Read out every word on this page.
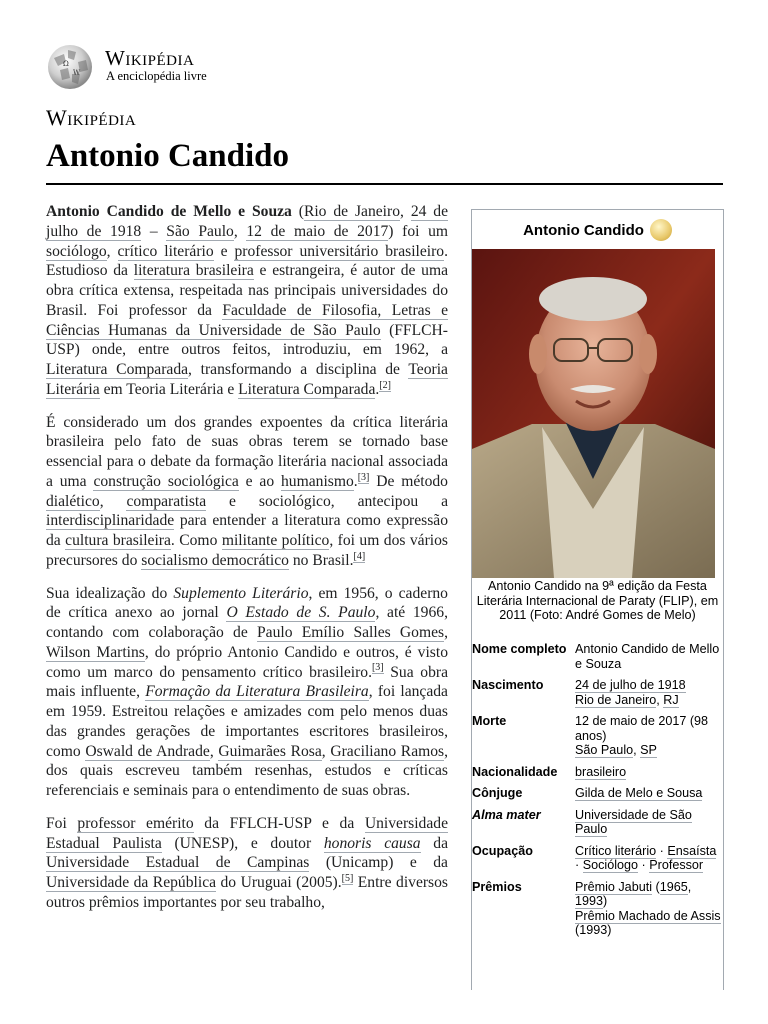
Ω
W
Wikipédia
A enciclopédia livre
Wikipédia
Antonio Candido

Antonio Candido de Mello e Souza (Rio de Janeiro, 24 de julho de 1918 – São Paulo, 12 de maio de 2017) foi um sociólogo, crítico literário e professor universitário brasileiro. Estudioso da literatura brasileira e estrangeira, é autor de uma obra crítica extensa, respeitada nas principais universidades do Brasil. Foi professor da Faculdade de Filosofia, Letras e Ciências Humanas da Universidade de São Paulo (FFLCH-USP) onde, entre outros feitos, introduziu, em 1962, a Literatura Comparada, transformando a disciplina de Teoria Literária em Teoria Literária e Literatura Comparada.[2]

É considerado um dos grandes expoentes da crítica literária brasileira pelo fato de suas obras terem se tornado base essencial para o debate da formação literária nacional associada a uma construção sociológica e ao humanismo.[3] De método dialético, comparatista e sociológico, antecipou a interdisciplinaridade para entender a literatura como expressão da cultura brasileira. Como militante político, foi um dos vários precursores do socialismo democrático no Brasil.[4]

Sua idealização do Suplemento Literário, em 1956, o caderno de crítica anexo ao jornal O Estado de S. Paulo, até 1966, contando com colaboração de Paulo Emílio Salles Gomes, Wilson Martins, do próprio Antonio Candido e outros, é visto como um marco do pensamento crítico brasileiro.[3] Sua obra mais influente, Formação da Literatura Brasileira, foi lançada em 1959. Estreitou relações e amizades com pelo menos duas das grandes gerações de importantes escritores brasileiros, como Oswald de Andrade, Guimarães Rosa, Graciliano Ramos, dos quais escreveu também resenhas, estudos e críticas referenciais e seminais para o entendimento de suas obras.

Foi professor emérito da FFLCH-USP e da Universidade Estadual Paulista (UNESP), e doutor honoris causa da Universidade Estadual de Campinas (Unicamp) e da Universidade da República do Uruguai (2005).[5] Entre diversos outros prêmios importantes por seu trabalho,

Antonio Candido
Antonio Candido na 9ª edição da Festa Literária Internacional de Paraty (FLIP), em 2011 (Foto: André Gomes de Melo)
Nome completo Antonio Candido de Mello e Souza
Nascimento	24 de julho de 1918
Rio de Janeiro, RJ
Morte	12 de maio de 2017 (98 anos)
São Paulo, SP
Nacionalidade	brasileiro
Cônjuge	Gilda de Melo e Sousa
Alma mater	Universidade de São Paulo
Ocupação	Crítico literário · Ensaísta · Sociólogo · Professor
Prêmios	Prêmio Jabuti (1965, 1993)
Prêmio Machado de Assis (1993)
